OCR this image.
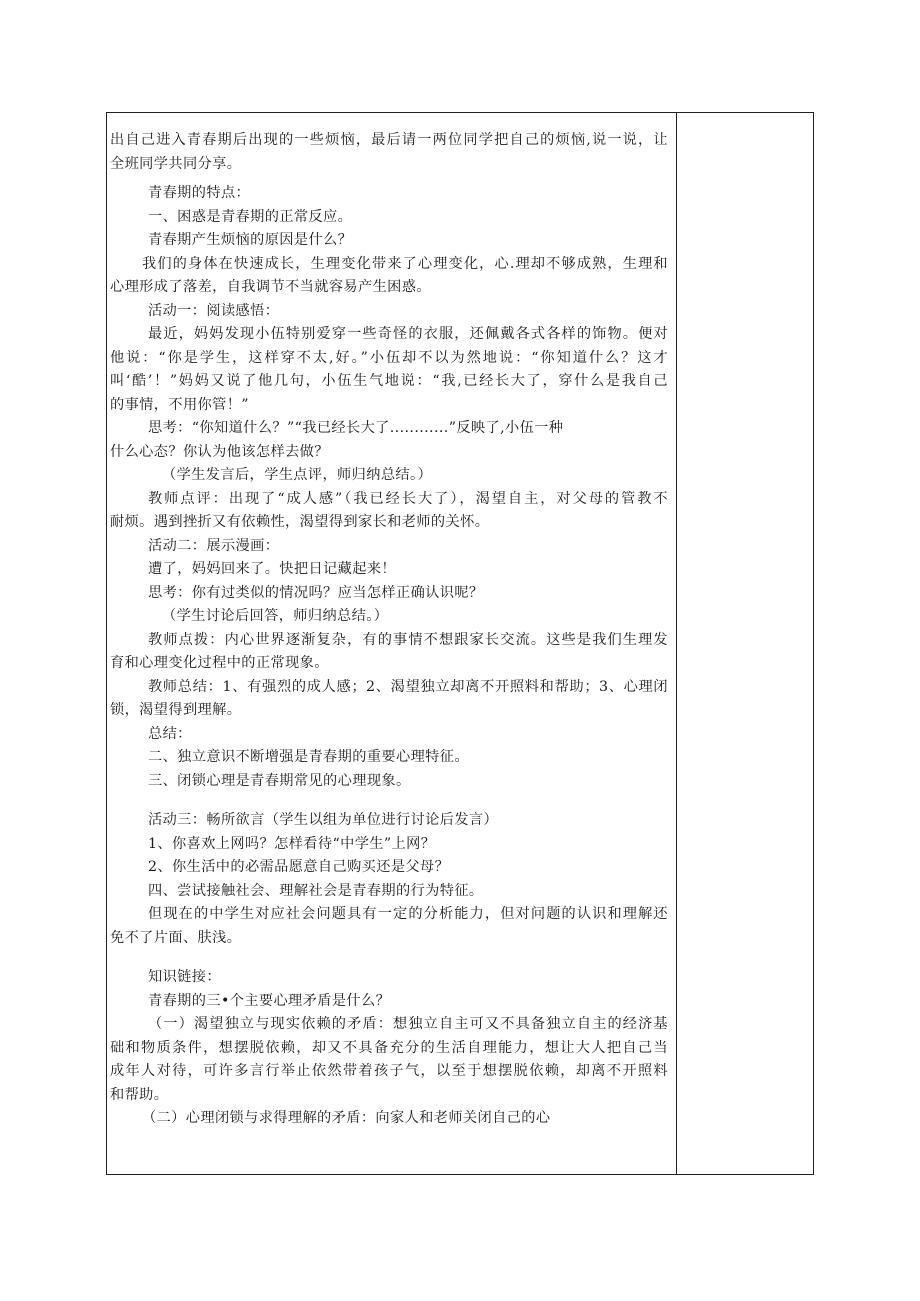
出自己进入青春期后出现的一些烦恼，最后请一两位同学把自己的烦恼,说一说，让
全班同学共同分享。
青春期的特点：
一、困惑是青春期的正常反应。
青春期产生烦恼的原因是什么？
我们的身体在快速成长，生理变化带来了心理变化，心.理却不够成熟，生理和
心理形成了落差，自我调节不当就容易产生困惑。
活动一：阅读感悟：
最近，妈妈发现小伍特别爱穿一些奇怪的衣服，还佩戴各式各样的饰物。便对
他说：“你是学生，这样穿不太,好。”小伍却不以为然地说：“你知道什么？这才
叫‘酷’！”妈妈又说了他几句，小伍生气地说：“我,已经长大了，穿什么是我自己
的事情，不用你管！”
思考：“你知道什么？”“我已经长大了............”反映了,小伍一种
什么心态？你认为他该怎样去做？
（学生发言后，学生点评，师归纳总结。）
教师点评：出现了“成人感”（我已经长大了），渴望自主，对父母的管教不
耐烦。遇到挫折又有依赖性，渴望得到家长和老师的关怀。
活动二：展示漫画：
遭了，妈妈回来了。快把日记藏起来！
思考：你有过类似的情况吗？应当怎样正确认识呢？
（学生讨论后回答，师归纳总结。）
教师点拨：内心世界逐渐复杂，有的事情不想跟家长交流。这些是我们生理发
育和心理变化过程中的正常现象。
教师总结：1、有强烈的成人感；2、渴望独立却离不开照料和帮助；3、心理闭
锁，渴望得到理解。
总结：
二、独立意识不断增强是青春期的重要心理特征。
三、闭锁心理是青春期常见的心理现象。
活动三：畅所欲言（学生以组为单位进行讨论后发言）
1、你喜欢上网吗？怎样看待“中学生”上网？
2、你生活中的必需品愿意自己购买还是父母？
四、尝试接触社会、理解社会是青春期的行为特征。
但现在的中学生对应社会问题具有一定的分析能力，但对问题的认识和理解还
免不了片面、肤浅。
知识链接：
青春期的三•个主要心理矛盾是什么？
（一）渴望独立与现实依赖的矛盾：想独立自主可又不具备独立自主的经济基
础和物质条件，想摆脱依赖，却又不具备充分的生活自理能力，想让大人把自己当
成年人对待，可许多言行举止依然带着孩子气，以至于想摆脱依赖，却离不开照料
和帮助。
（二）心理闭锁与求得理解的矛盾：向家人和老师关闭自己的心
